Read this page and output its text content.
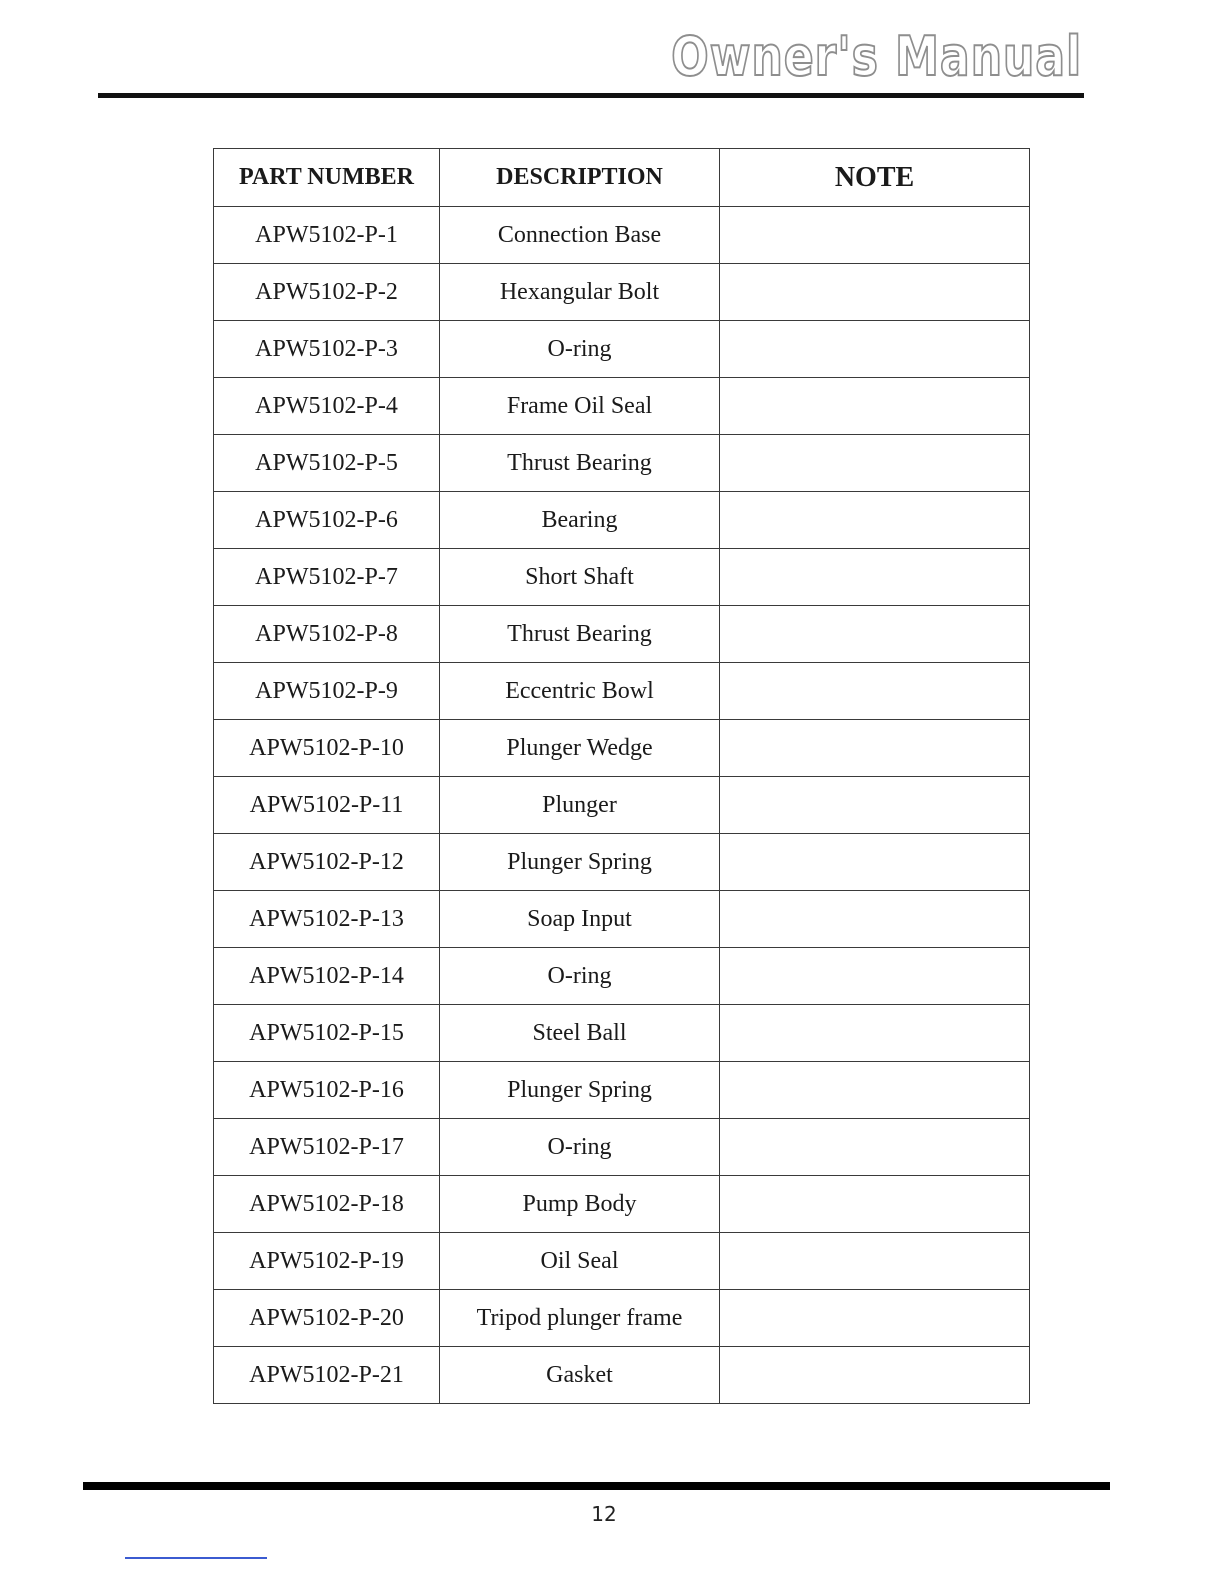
Owner's Manual
PART NUMBER	DESCRIPTION	NOTE
APW5102-P-1	Connection Base	
APW5102-P-2	Hexangular Bolt	
APW5102-P-3	O-ring	
APW5102-P-4	Frame Oil Seal	
APW5102-P-5	Thrust Bearing	
APW5102-P-6	Bearing	
APW5102-P-7	Short Shaft	
APW5102-P-8	Thrust Bearing	
APW5102-P-9	Eccentric Bowl	
APW5102-P-10	Plunger Wedge	
APW5102-P-11	Plunger	
APW5102-P-12	Plunger Spring	
APW5102-P-13	Soap Input	
APW5102-P-14	O-ring	
APW5102-P-15	Steel Ball	
APW5102-P-16	Plunger Spring	
APW5102-P-17	O-ring	
APW5102-P-18	Pump Body	
APW5102-P-19	Oil Seal	
APW5102-P-20	Tripod plunger frame	
APW5102-P-21	Gasket	
12
